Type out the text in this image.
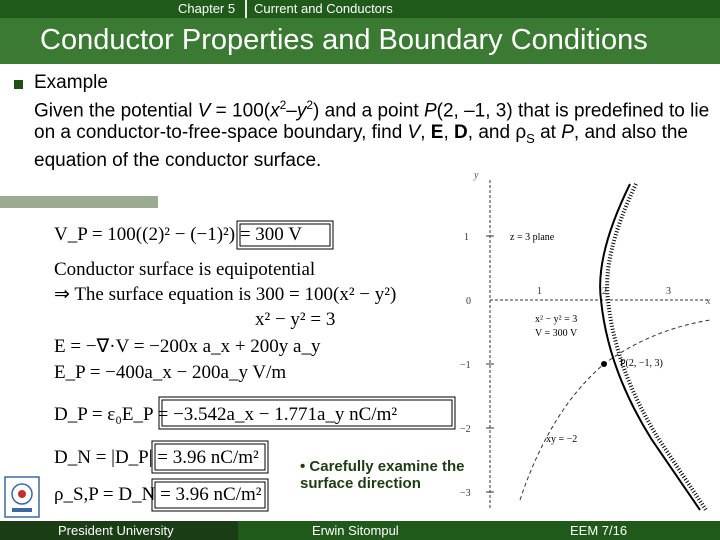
Chapter 5 Current and Conductors
Conductor Properties and Boundary Conditions
Example
Given the potential $V = 100(x^2-y^2)$ and a point P(2, –1, 3) that is predefined to lie on a conductor-to-free-space boundary, find V, E, D, and $\rho_S$ at P, and also the equation of the conductor surface.
V_P = 100((2)² − (−1)²) = 300 V
Conductor surface is equipotential
⇒ The surface equation is 300 = 100(x² − y²)
x² − y² = 3
E = −∇·V = −200x a_x + 200y a_y
E_P = −400a_x − 200a_y V/m
D_P = ε₀E_P = −3.542a_x − 1.771a_y nC/m²
D_N = |D_P| = 3.96 nC/m²
ρ_S,P = D_N = 3.96 nC/m²
• Carefully examine the surface direction
y
x
1
0
−1
−2
−3
1	2	3
z = 3 plane
x² − y² = 3
V = 300 V
P(2, −1, 3)
xy = −2
President University	Erwin Sitompul	EEM 7/16
